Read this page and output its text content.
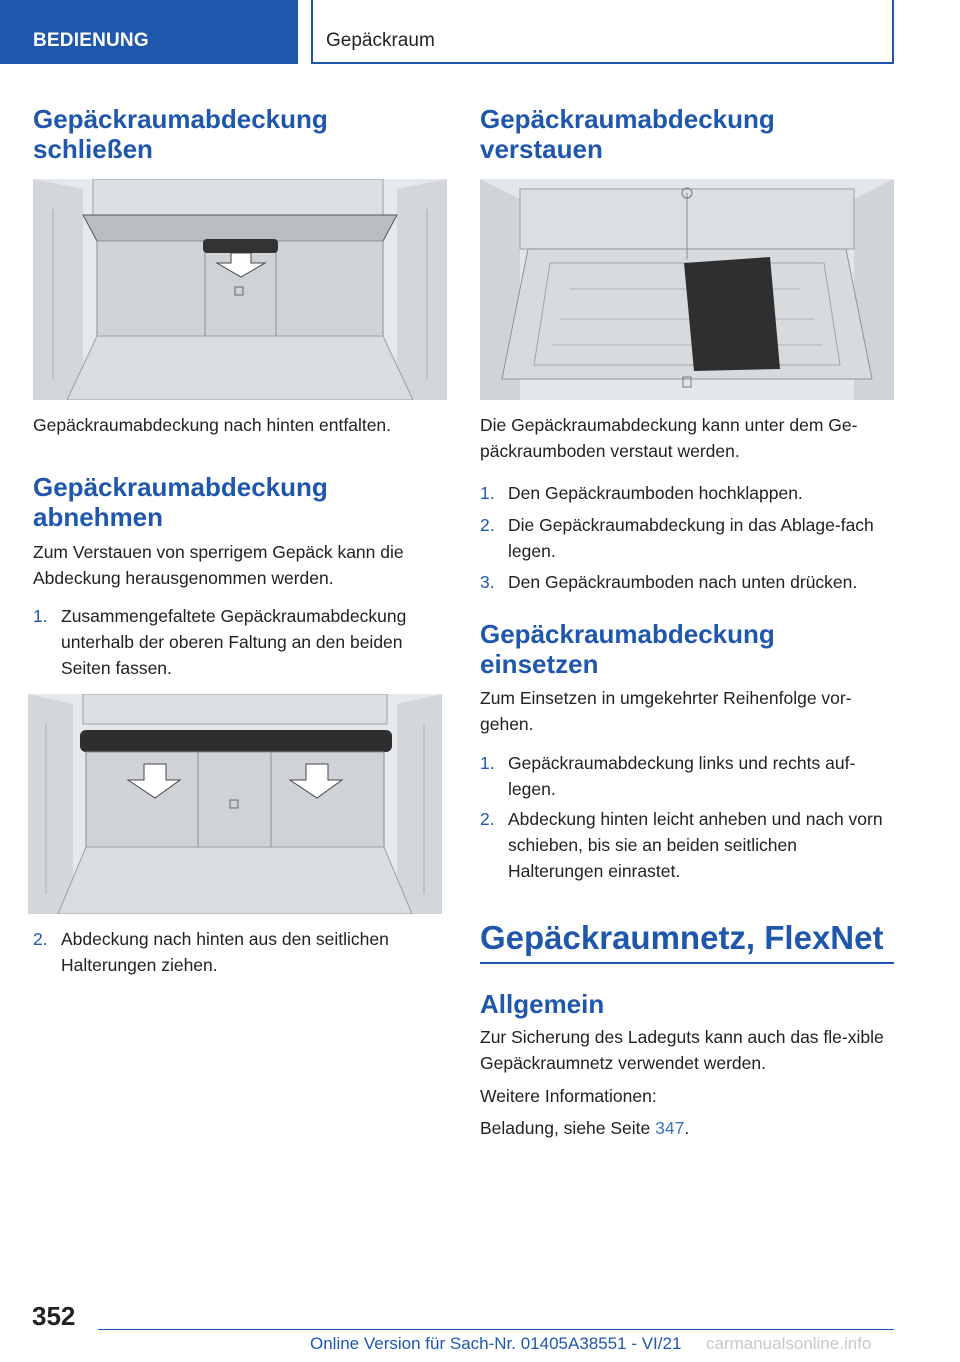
BEDIENUNG	Gepäckraum
Gepäckraumabdeckung
schließen

Gepäckraumabdeckung nach hinten entfalten.

Gepäckraumabdeckung
abnehmen

Zum Verstauen von sperrigem Gepäck kann die Abdeckung herausgenommen werden.

1. Zusammengefaltete Gepäckraumabdeckung unterhalb der oberen Faltung an den beiden Seiten fassen.
2. Abdeckung nach hinten aus den seitlichen Halterungen ziehen.
Gepäckraumabdeckung
verstauen

Die Gepäckraumabdeckung kann unter dem Ge‐päckraumboden verstaut werden.

1. Den Gepäckraumboden hochklappen.
2. Die Gepäckraumabdeckung in das Ablage‐fach legen.
3. Den Gepäckraumboden nach unten drücken.
Gepäckraumabdeckung
einsetzen

Zum Einsetzen in umgekehrter Reihenfolge vor‐gehen.

1. Gepäckraumabdeckung links und rechts auf‐legen.
2. Abdeckung hinten leicht anheben und nach vorn schieben, bis sie an beiden seitlichen Halterungen einrastet.
Gepäckraumnetz, FlexNet
Allgemein

Zur Sicherung des Ladeguts kann auch das fle‐xible Gepäckraumnetz verwendet werden.

Weitere Informationen:

Beladung, siehe Seite 347.

352
Online Version für Sach-Nr. 01405A38551 - VI/21 carmanualsonline.info
